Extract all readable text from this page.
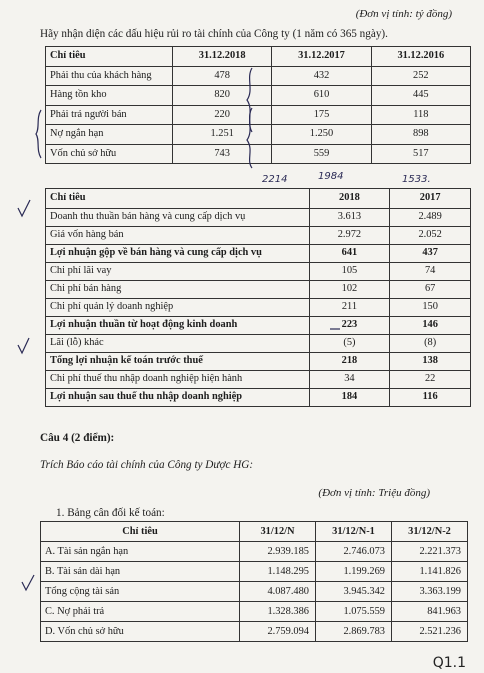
(Đơn vị tính: tỷ đồng)
Hãy nhận diện các dấu hiệu rủi ro tài chính của Công ty (1 năm có 365 ngày).
Chỉ tiêu	31.12.2018	31.12.2017	31.12.2016
Phải thu của khách hàng	478	432	252
Hàng tồn kho	820	610	445
Phải trả người bán	220	175	118
Nợ ngắn hạn	1.251	1.250	898
Vốn chủ sở hữu	743	559	517
2214	1984	1533.
Chỉ tiêu	2018	2017
Doanh thu thuần bán hàng và cung cấp dịch vụ	3.613	2.489
Giá vốn hàng bán	2.972	2.052
Lợi nhuận gộp về bán hàng và cung cấp dịch vụ	641	437
Chi phí lãi vay	105	74
Chi phí bán hàng	102	67
Chi phí quản lý doanh nghiệp	211	150
Lợi nhuận thuần từ hoạt động kinh doanh	223	146
Lãi (lỗ) khác	(5)	(8)
Tổng lợi nhuận kế toán trước thuế	218	138
Chi phí thuế thu nhập doanh nghiệp hiện hành	34	22
Lợi nhuận sau thuế thu nhập doanh nghiệp	184	116
Câu 4 (2 điểm):
Trích Báo cáo tài chính của Công ty Dược HG:
(Đơn vị tính: Triệu đồng)
1. Bảng cân đối kế toán:
Chỉ tiêu	31/12/N	31/12/N-1	31/12/N-2
A. Tài sản ngắn hạn	2.939.185	2.746.073	2.221.373
B. Tài sản dài hạn	1.148.295	1.199.269	1.141.826
Tổng cộng tài sản	4.087.480	3.945.342	3.363.199
C. Nợ phải trả	1.328.386	1.075.559	841.963
D. Vốn chủ sở hữu	2.759.094	2.869.783	2.521.236
Q1.1
